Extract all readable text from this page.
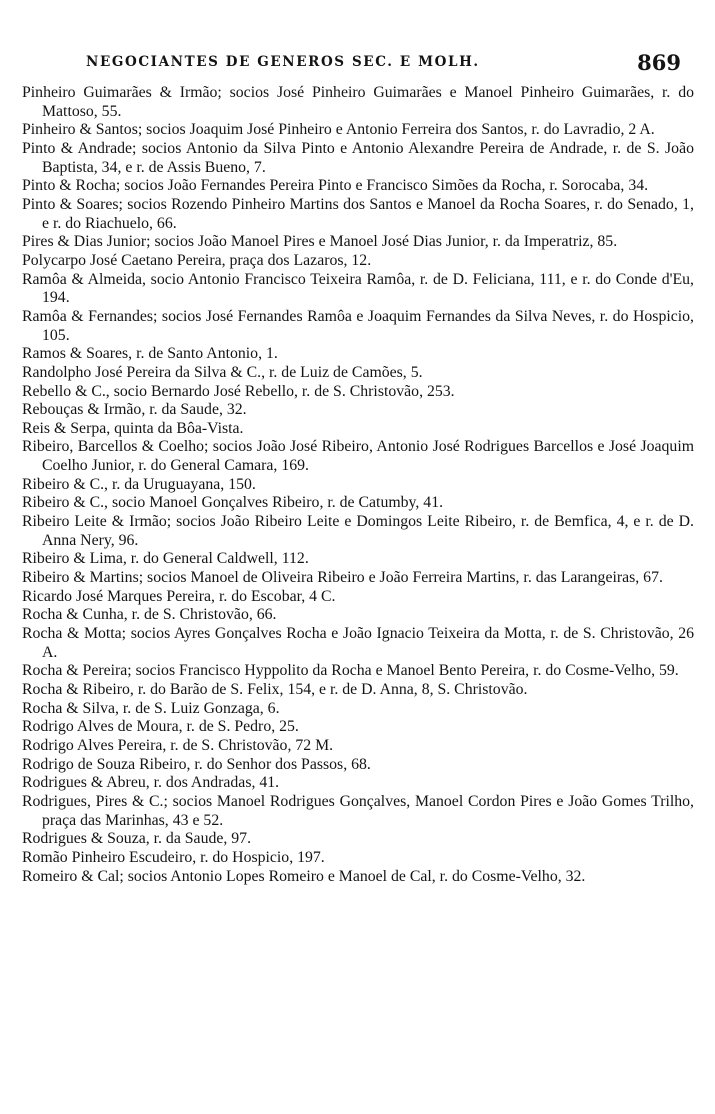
NEGOCIANTES DE GENEROS SEC. E MOLH.	869

Pinheiro Guimarães & Irmão; socios José Pinheiro Guimarães e Manoel Pinheiro Guimarães, r. do Mattoso, 55.

Pinheiro & Santos; socios Joaquim José Pinheiro e Antonio Ferreira dos Santos, r. do Lavradio, 2 A.

Pinto & Andrade; socios Antonio da Silva Pinto e Antonio Alexandre Pereira de Andrade, r. de S. João Baptista, 34, e r. de Assis Bueno, 7.

Pinto & Rocha; socios João Fernandes Pereira Pinto e Francisco Simões da Rocha, r. Sorocaba, 34.

Pinto & Soares; socios Rozendo Pinheiro Martins dos Santos e Manoel da Rocha Soares, r. do Senado, 1, e r. do Riachuelo, 66.

Pires & Dias Junior; socios João Manoel Pires e Manoel José Dias Junior, r. da Imperatriz, 85.

Polycarpo José Caetano Pereira, praça dos Lazaros, 12.

Ramôa & Almeida, socio Antonio Francisco Teixeira Ramôa, r. de D. Feliciana, 111, e r. do Conde d'Eu, 194.

Ramôa & Fernandes; socios José Fernandes Ramôa e Joaquim Fernandes da Silva Neves, r. do Hospicio, 105.

Ramos & Soares, r. de Santo Antonio, 1.

Randolpho José Pereira da Silva & C., r. de Luiz de Camões, 5.

Rebello & C., socio Bernardo José Rebello, r. de S. Christovão, 253.

Rebouças & Irmão, r. da Saude, 32.

Reis & Serpa, quinta da Bôa-Vista.

Ribeiro, Barcellos & Coelho; socios João José Ribeiro, Antonio José Rodrigues Barcellos e José Joaquim Coelho Junior, r. do General Camara, 169.

Ribeiro & C., r. da Uruguayana, 150.

Ribeiro & C., socio Manoel Gonçalves Ribeiro, r. de Catumby, 41.

Ribeiro Leite & Irmão; socios João Ribeiro Leite e Domingos Leite Ribeiro, r. de Bemfica, 4, e r. de D. Anna Nery, 96.

Ribeiro & Lima, r. do General Caldwell, 112.

Ribeiro & Martins; socios Manoel de Oliveira Ribeiro e João Ferreira Martins, r. das Larangeiras, 67.

Ricardo José Marques Pereira, r. do Escobar, 4 C.

Rocha & Cunha, r. de S. Christovão, 66.

Rocha & Motta; socios Ayres Gonçalves Rocha e João Ignacio Teixeira da Motta, r. de S. Christovão, 26 A.

Rocha & Pereira; socios Francisco Hyppolito da Rocha e Manoel Bento Pereira, r. do Cosme-Velho, 59.

Rocha & Ribeiro, r. do Barão de S. Felix, 154, e r. de D. Anna, 8, S. Christovão.

Rocha & Silva, r. de S. Luiz Gonzaga, 6.

Rodrigo Alves de Moura, r. de S. Pedro, 25.

Rodrigo Alves Pereira, r. de S. Christovão, 72 M.

Rodrigo de Souza Ribeiro, r. do Senhor dos Passos, 68.

Rodrigues & Abreu, r. dos Andradas, 41.

Rodrigues, Pires & C.; socios Manoel Rodrigues Gonçalves, Manoel Cordon Pires e João Gomes Trilho, praça das Marinhas, 43 e 52.

Rodrigues & Souza, r. da Saude, 97.

Romão Pinheiro Escudeiro, r. do Hospicio, 197.

Romeiro & Cal; socios Antonio Lopes Romeiro e Manoel de Cal, r. do Cosme-Velho, 32.
